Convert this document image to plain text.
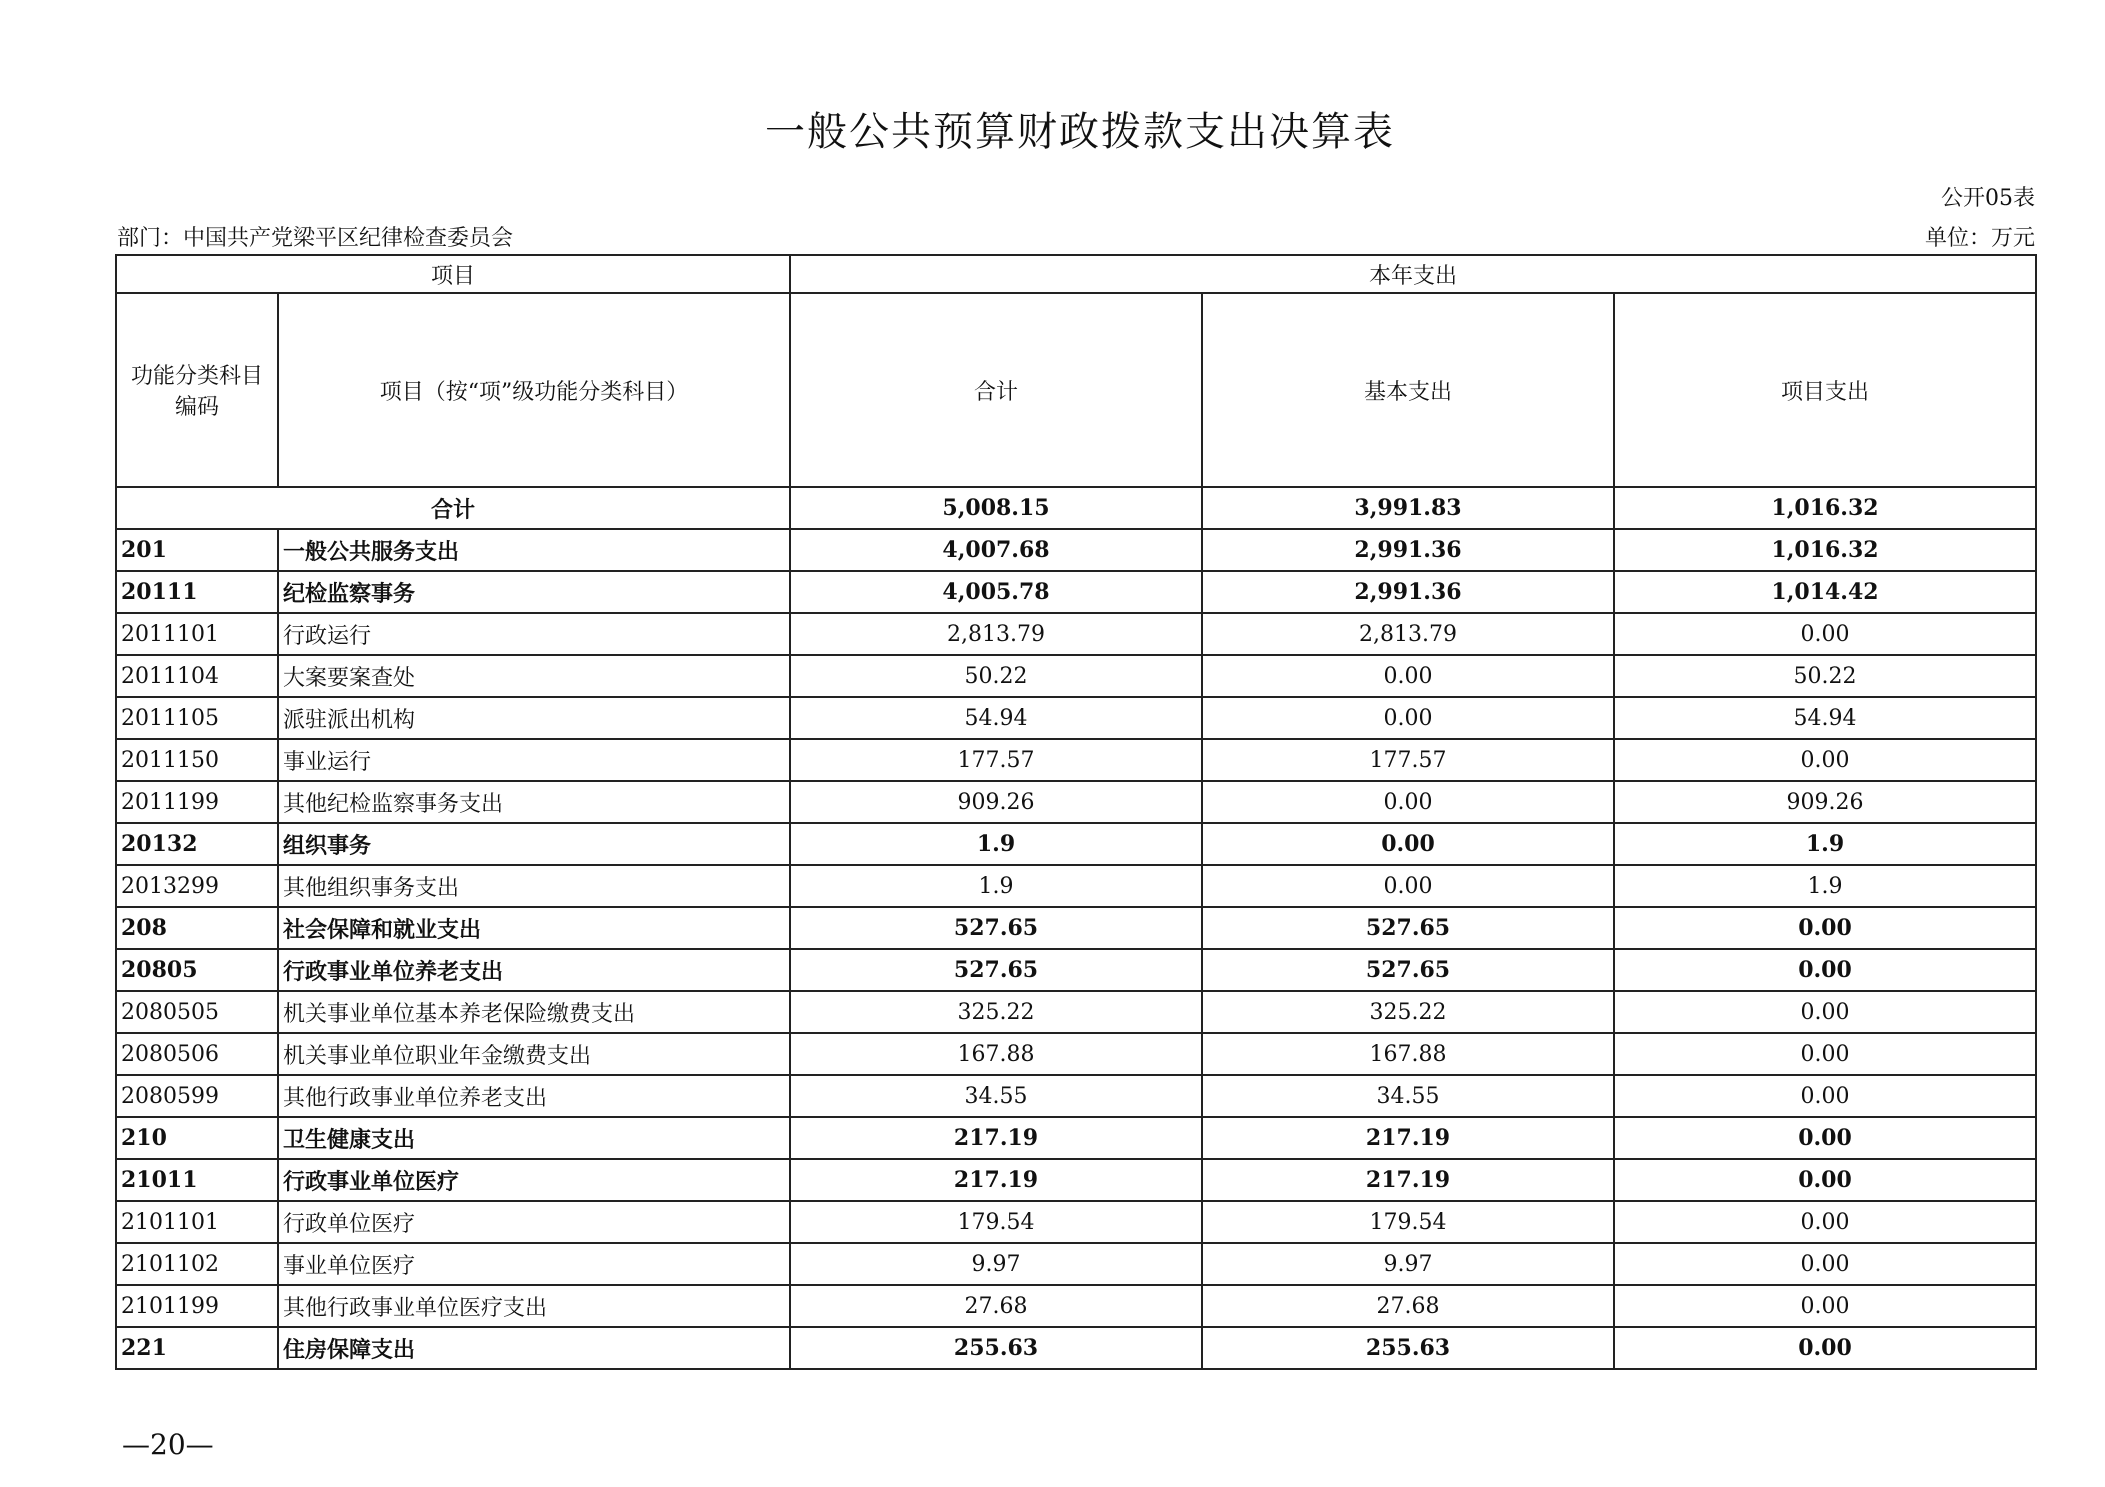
一般公共预算财政拨款支出决算表
公开05表
部门：中国共产党梁平区纪律检查委员会	单位：万元
项目		本年支出		
功能分类科目编码	项目（按“项”级功能分类科目）	合计	基本支出	项目支出
合计		5,008.15	3,991.83	1,016.32
201	一般公共服务支出	4,007.68	2,991.36	1,016.32
20111	纪检监察事务	4,005.78	2,991.36	1,014.42
2011101	行政运行	2,813.79	2,813.79	0.00
2011104	大案要案查处	50.22	0.00	50.22
2011105	派驻派出机构	54.94	0.00	54.94
2011150	事业运行	177.57	177.57	0.00
2011199	其他纪检监察事务支出	909.26	0.00	909.26
20132	组织事务	1.9	0.00	1.9
2013299	其他组织事务支出	1.9	0.00	1.9
208	社会保障和就业支出	527.65	527.65	0.00
20805	行政事业单位养老支出	527.65	527.65	0.00
2080505	机关事业单位基本养老保险缴费支出	325.22	325.22	0.00
2080506	机关事业单位职业年金缴费支出	167.88	167.88	0.00
2080599	其他行政事业单位养老支出	34.55	34.55	0.00
210	卫生健康支出	217.19	217.19	0.00
21011	行政事业单位医疗	217.19	217.19	0.00
2101101	行政单位医疗	179.54	179.54	0.00
2101102	事业单位医疗	9.97	9.97	0.00
2101199	其他行政事业单位医疗支出	27.68	27.68	0.00
221	住房保障支出	255.63	255.63	0.00
—20—
